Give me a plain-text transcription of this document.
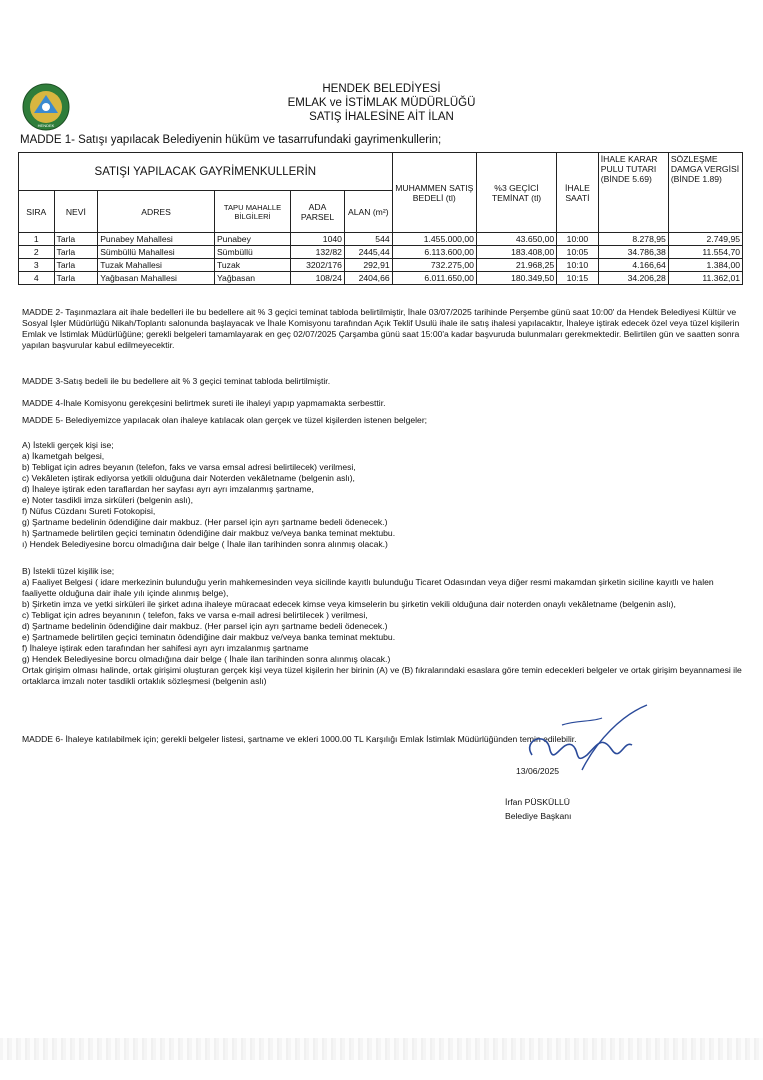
HENDEK
HENDEK BELEDİYESİ
EMLAK ve İSTİMLAK MÜDÜRLÜĞÜ
SATIŞ İHALESİNE AİT İLAN
MADDE 1- Satışı yapılacak Belediyenin hüküm ve tasarrufundaki gayrimenkullerin;
SATIŞI YAPILACAK GAYRİMENKULLERİN						MUHAMMEN SATIŞ BEDELİ (tl)	%3 GEÇİCİ TEMİNAT (tl)	İHALE SAATİ	İHALE KARAR PULU TUTARI (BİNDE 5.69)	SÖZLEŞME DAMGA VERGİSİ (BİNDE 1.89)
SIRA	NEVİ	ADRES	TAPU MAHALLE BİLGİLERİ	ADA PARSEL	ALAN (m²)					
1	Tarla	Punabey Mahallesi	Punabey	1040	544	1.455.000,00	43.650,00	10:00	8.278,95	2.749,95
2	Tarla	Sümbüllü Mahallesi	Sümbüllü	132/82	2445,44	6.113.600,00	183.408,00	10:05	34.786,38	11.554,70
3	Tarla	Tuzak Mahallesi	Tuzak	3202/176	292,91	732.275,00	21.968,25	10:10	4.166,64	1.384,00
4	Tarla	Yağbasan Mahallesi	Yağbasan	108/24	2404,66	6.011.650,00	180.349,50	10:15	34.206,28	11.362,01
MADDE 2- Taşınmazlara ait ihale bedelleri ile bu bedellere ait % 3 geçici teminat tabloda belirtilmiştir, İhale 03/07/2025 tarihinde Perşembe günü saat 10:00' da Hendek Belediyesi Kültür ve Sosyal İşler Müdürlüğü Nikah/Toplantı salonunda başlayacak ve İhale Komisyonu tarafından Açık Teklif Usulü ihale ile satış ihalesi yapılacaktır, İhaleye iştirak edecek özel veya tüzel kişilerin Emlak ve İstimlak Müdürlüğüne; gerekli belgeleri tamamlayarak en geç 02/07/2025 Çarşamba günü saat 15:00'a kadar başvuruda bulunmaları gerekmektedir. Belirtilen gün ve saatten sonra yapılan başvurular kabul edilmeyecektir.
MADDE 3-Satış bedeli ile bu bedellere ait % 3 geçici teminat tabloda belirtilmiştir.
MADDE 4-İhale Komisyonu gerekçesini belirtmek sureti ile ihaleyi yapıp yapmamakta serbesttir.
MADDE 5- Belediyemizce yapılacak olan ihaleye katılacak olan gerçek ve tüzel kişilerden istenen belgeler;
A) İstekli gerçek kişi ise;
a) İkametgah belgesi,
b) Tebligat için adres beyanın (telefon, faks ve varsa emsal adresi belirtilecek) verilmesi,
c) Vekâleten iştirak ediyorsa yetkili olduğuna dair Noterden vekâletname (belgenin aslı),
d) İhaleye iştirak eden taraflardan her sayfası ayrı ayrı imzalanmış şartname,
e) Noter tasdikli imza sirküleri (belgenin aslı),
f) Nüfus Cüzdanı Sureti Fotokopisi,
g) Şartname bedelinin ödendiğine dair makbuz. (Her parsel için ayrı şartname bedeli ödenecek.)
h) Şartnamede belirtilen geçici teminatın ödendiğine dair makbuz ve/veya banka teminat mektubu.
ı) Hendek Belediyesine borcu olmadığına dair belge ( İhale ilan tarihinden sonra alınmış olacak.)
B) İstekli tüzel kişilik ise;
a) Faaliyet Belgesi ( idare merkezinin bulunduğu yerin mahkemesinden veya sicilinde kayıtlı bulunduğu Ticaret Odasından veya diğer resmi makamdan şirketin siciline kayıtlı ve halen faaliyette olduğuna dair ihale yılı içinde alınmış belge),
b) Şirketin imza ve yetki sirküleri ile şirket adına ihaleye müracaat edecek kimse veya kimselerin bu şirketin vekili olduğuna dair noterden onaylı vekâletname (belgenin aslı),
c) Tebligat için adres beyanının ( telefon, faks ve varsa e-mail adresi belirtilecek ) verilmesi,
d) Şartname bedelinin ödendiğine dair makbuz. (Her parsel için ayrı şartname bedeli ödenecek.)
e) Şartnamede belirtilen geçici teminatın ödendiğine dair makbuz ve/veya banka teminat mektubu.
f) İhaleye iştirak eden tarafından her sahifesi ayrı ayrı imzalanmış şartname
g) Hendek Belediyesine borcu olmadığına dair belge ( İhale ilan tarihinden sonra alınmış olacak.)
Ortak girişim olması halinde, ortak girişimi oluşturan gerçek kişi veya tüzel kişilerin her birinin (A) ve (B) fıkralarındaki esaslara göre temin edecekleri belgeler ve ortak girişim beyannamesi ile ortaklarca imzalı noter tasdikli ortaklık sözleşmesi (belgenin aslı)
MADDE 6- İhaleye katılabilmek için; gerekli belgeler listesi, şartname ve ekleri 1000.00 TL Karşılığı Emlak İstimlak Müdürlüğünden temin edilebilir.
13/06/2025
İrfan PÜSKÜLLÜ
Belediye Başkanı
